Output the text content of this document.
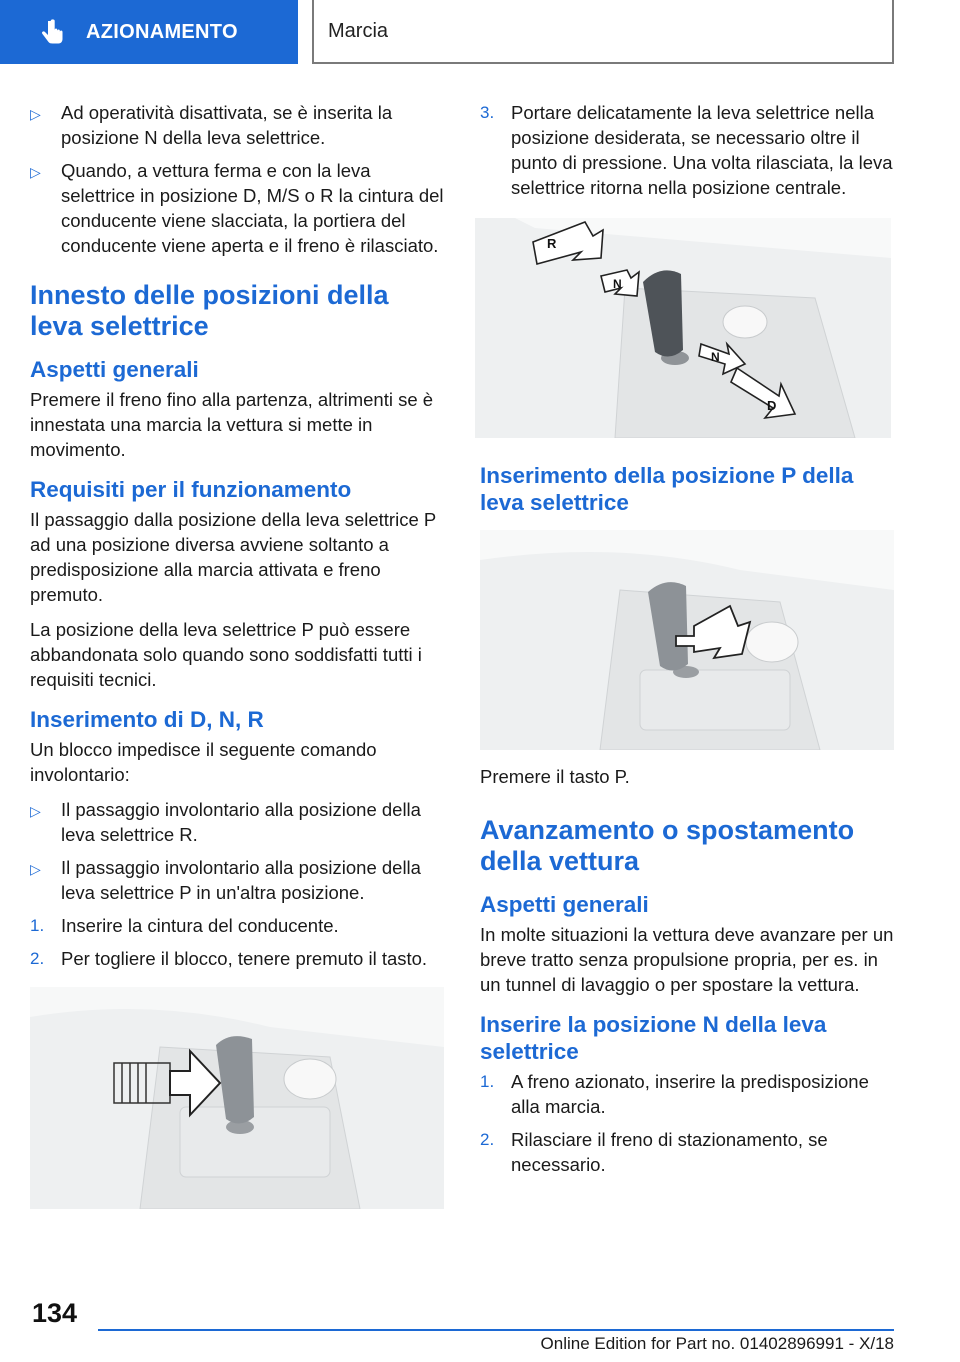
AZIONAMENTO	Marcia
▷ Ad operatività disattivata, se è inserita la posizione N della leva selettrice.
▷ Quando, a vettura ferma e con la leva selettrice in posizione D, M/S o R la cintura del conducente viene slacciata, la portiera del conducente viene aperta e il freno è rilasciato.
Innesto delle posizioni della leva selettrice
Aspetti generali

Premere il freno fino alla partenza, altrimenti se è innestata una marcia la vettura si mette in movimento.

Requisiti per il funzionamento

Il passaggio dalla posizione della leva selettrice P ad una posizione diversa avviene soltanto a predisposizione alla marcia attivata e freno premuto.

La posizione della leva selettrice P può essere abbandonata solo quando sono soddisfatti tutti i requisiti tecnici.

Inserimento di D, N, R

Un blocco impedisce il seguente comando involontario:

▷ Il passaggio involontario alla posizione della leva selettrice R.
▷ Il passaggio involontario alla posizione della leva selettrice P in un'altra posizione.
1. Inserire la cintura del conducente.
2. Per togliere il blocco, tenere premuto il tasto.
3. Portare delicatamente la leva selettrice nella posizione desiderata, se necessario oltre il punto di pressione. Una volta rilasciata, la leva selettrice ritorna nella posizione centrale.
R
N
N
D
Inserimento della posizione P della leva selettrice

Premere il tasto P.

Avanzamento o spostamento della vettura
Aspetti generali

In molte situazioni la vettura deve avanzare per un breve tratto senza propulsione propria, per es. in un tunnel di lavaggio o per spostare la vettura.

Inserire la posizione N della leva selettrice
1. A freno azionato, inserire la predisposizione alla marcia.
2. Rilasciare il freno di stazionamento, se necessario.
134
Online Edition for Part no. 01402896991 - X/18
